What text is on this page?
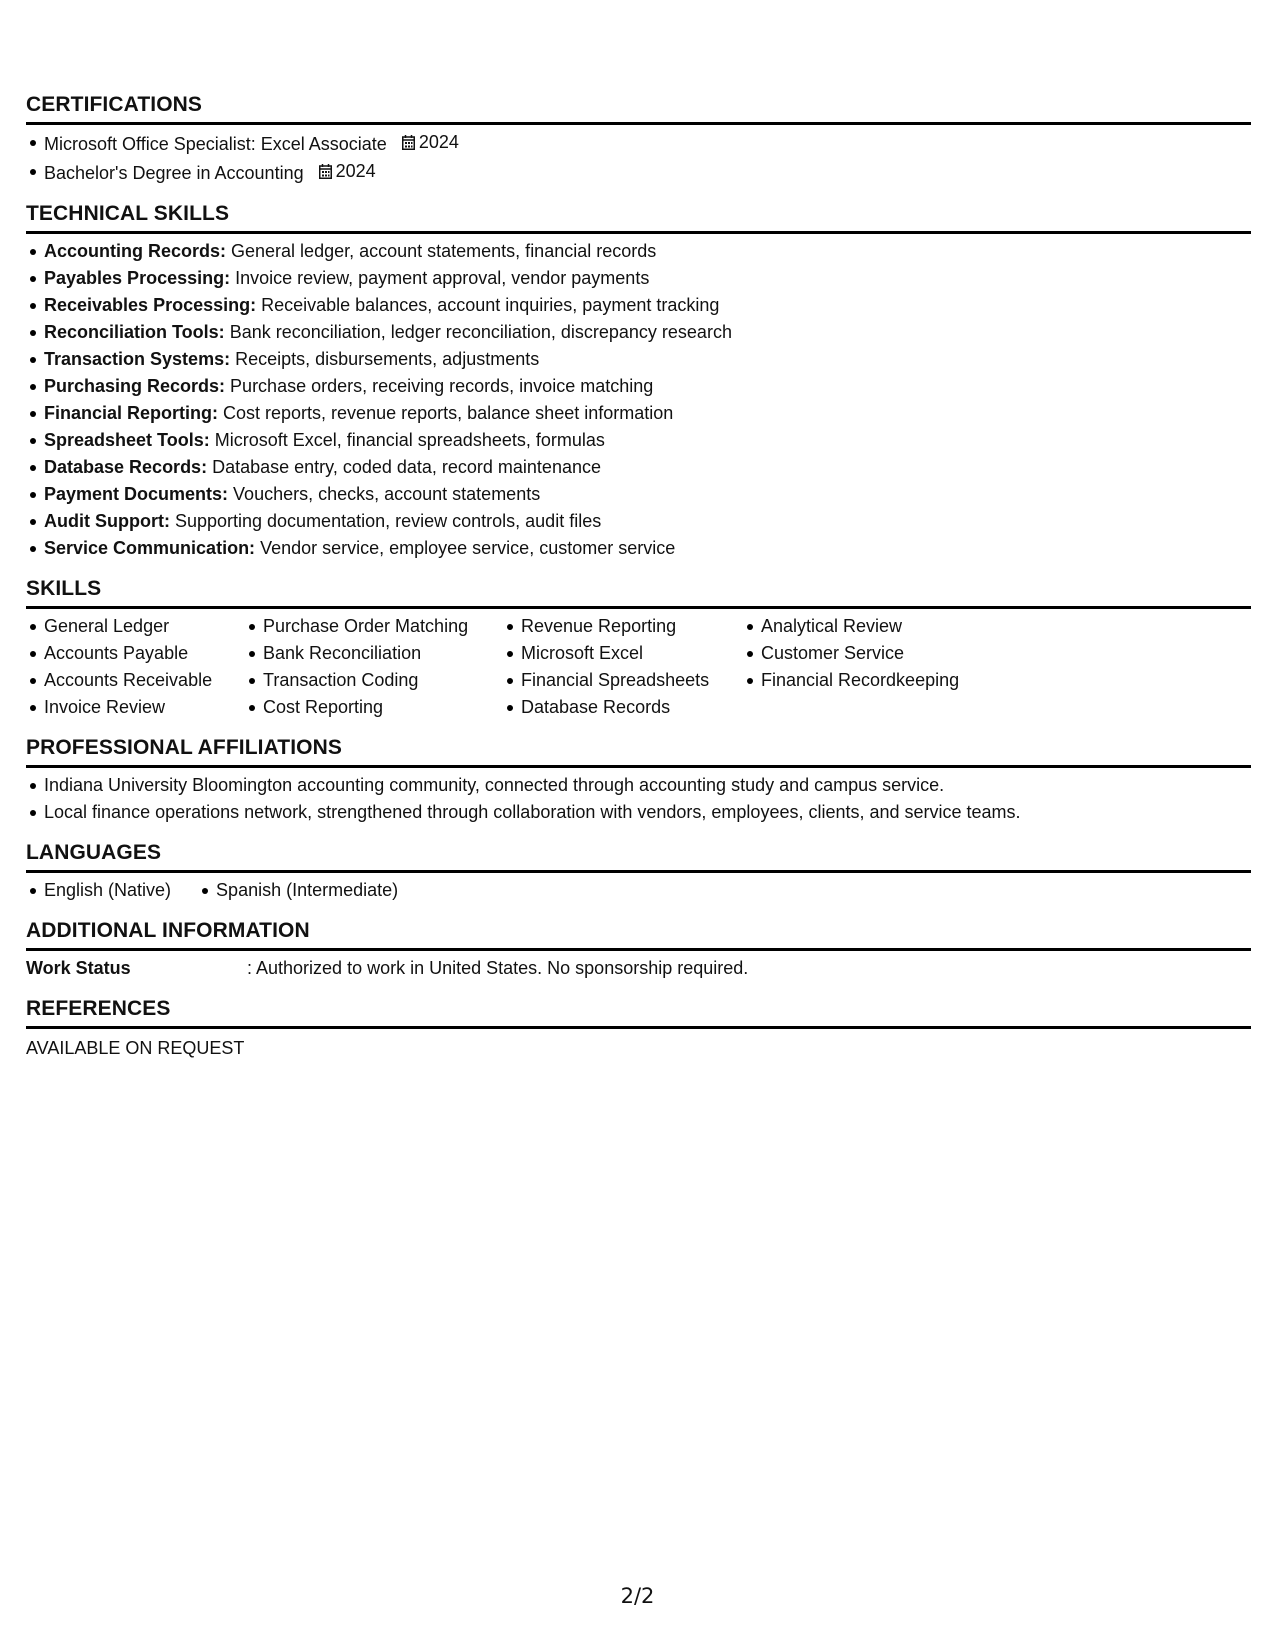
CERTIFICATIONS
Microsoft Office Specialist: Excel Associate 2024
Bachelor's Degree in Accounting 2024
TECHNICAL SKILLS
Accounting Records: General ledger, account statements, financial records
Payables Processing: Invoice review, payment approval, vendor payments
Receivables Processing: Receivable balances, account inquiries, payment tracking
Reconciliation Tools: Bank reconciliation, ledger reconciliation, discrepancy research
Transaction Systems: Receipts, disbursements, adjustments
Purchasing Records: Purchase orders, receiving records, invoice matching
Financial Reporting: Cost reports, revenue reports, balance sheet information
Spreadsheet Tools: Microsoft Excel, financial spreadsheets, formulas
Database Records: Database entry, coded data, record maintenance
Payment Documents: Vouchers, checks, account statements
Audit Support: Supporting documentation, review controls, audit files
Service Communication: Vendor service, employee service, customer service
SKILLS
General Ledger
Accounts Payable
Accounts Receivable
Invoice Review
Purchase Order Matching
Bank Reconciliation
Transaction Coding
Cost Reporting
Revenue Reporting
Microsoft Excel
Financial Spreadsheets
Database Records
Analytical Review
Customer Service
Financial Recordkeeping
PROFESSIONAL AFFILIATIONS
Indiana University Bloomington accounting community, connected through accounting study and campus service.
Local finance operations network, strengthened through collaboration with vendors, employees, clients, and service teams.
LANGUAGES
English (Native)	Spanish (Intermediate)
ADDITIONAL INFORMATION
Work Status	: Authorized to work in United States. No sponsorship required.
REFERENCES
AVAILABLE ON REQUEST
2/2
